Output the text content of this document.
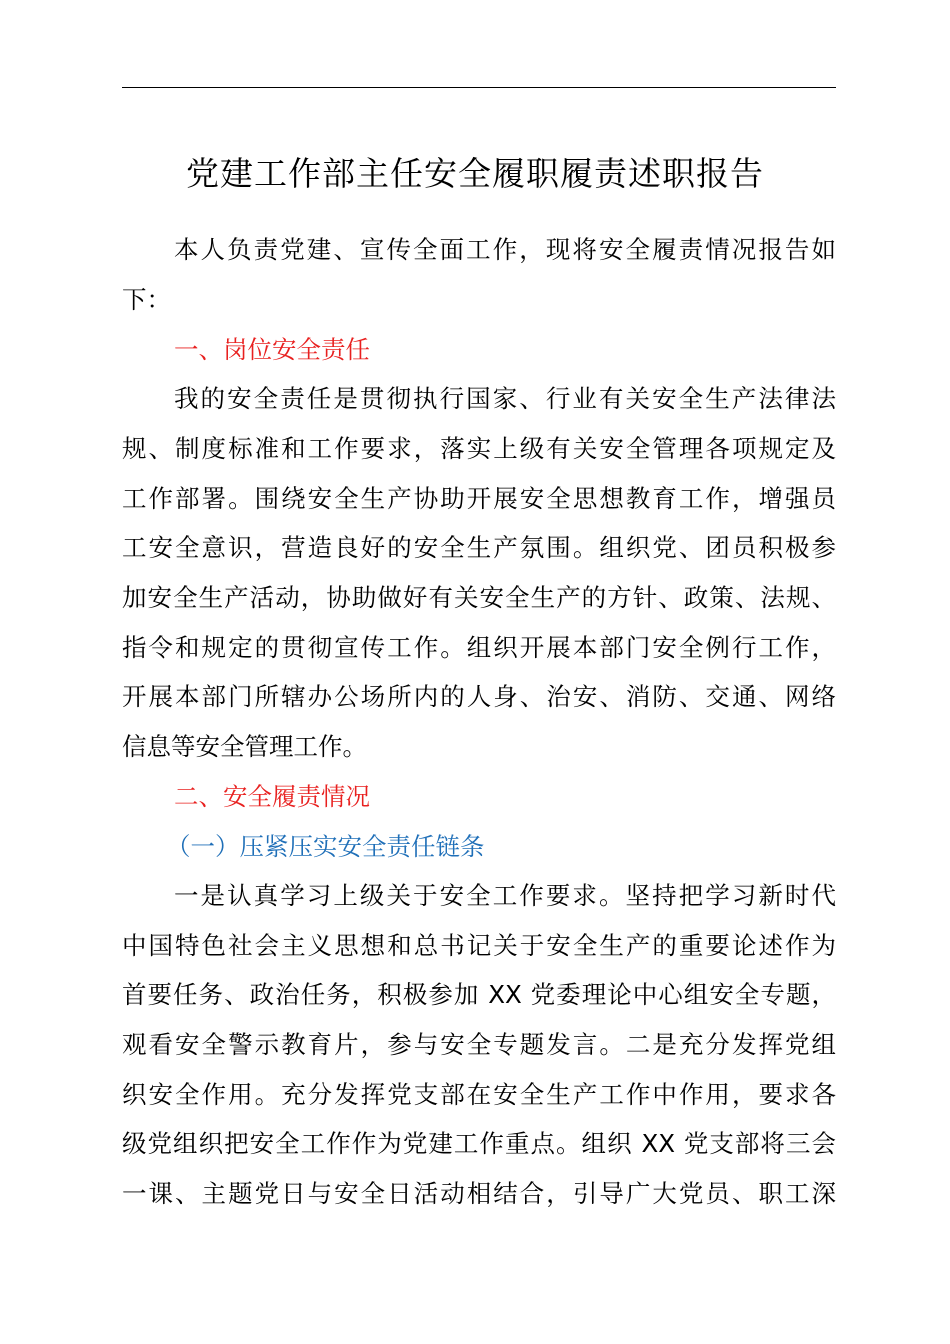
党建工作部主任安全履职履责述职报告
本人负责党建、宣传全面工作，现将安全履责情况报告如
下：
一、岗位安全责任
我的安全责任是贯彻执行国家、行业有关安全生产法律法
规、制度标准和工作要求，落实上级有关安全管理各项规定及
工作部署。围绕安全生产协助开展安全思想教育工作，增强员
工安全意识，营造良好的安全生产氛围。组织党、团员积极参
加安全生产活动，协助做好有关安全生产的方针、政策、法规、
指令和规定的贯彻宣传工作。组织开展本部门安全例行工作，
开展本部门所辖办公场所内的人身、治安、消防、交通、网络
信息等安全管理工作。
二、安全履责情况
（一）压紧压实安全责任链条
一是认真学习上级关于安全工作要求。坚持把学习新时代
中国特色社会主义思想和总书记关于安全生产的重要论述作为
首要任务、政治任务，积极参加 XX 党委理论中心组安全专题，
观看安全警示教育片，参与安全专题发言。二是充分发挥党组
织安全作用。充分发挥党支部在安全生产工作中作用，要求各
级党组织把安全工作作为党建工作重点。组织 XX 党支部将三会
一课、主题党日与安全日活动相结合，引导广大党员、职工深
